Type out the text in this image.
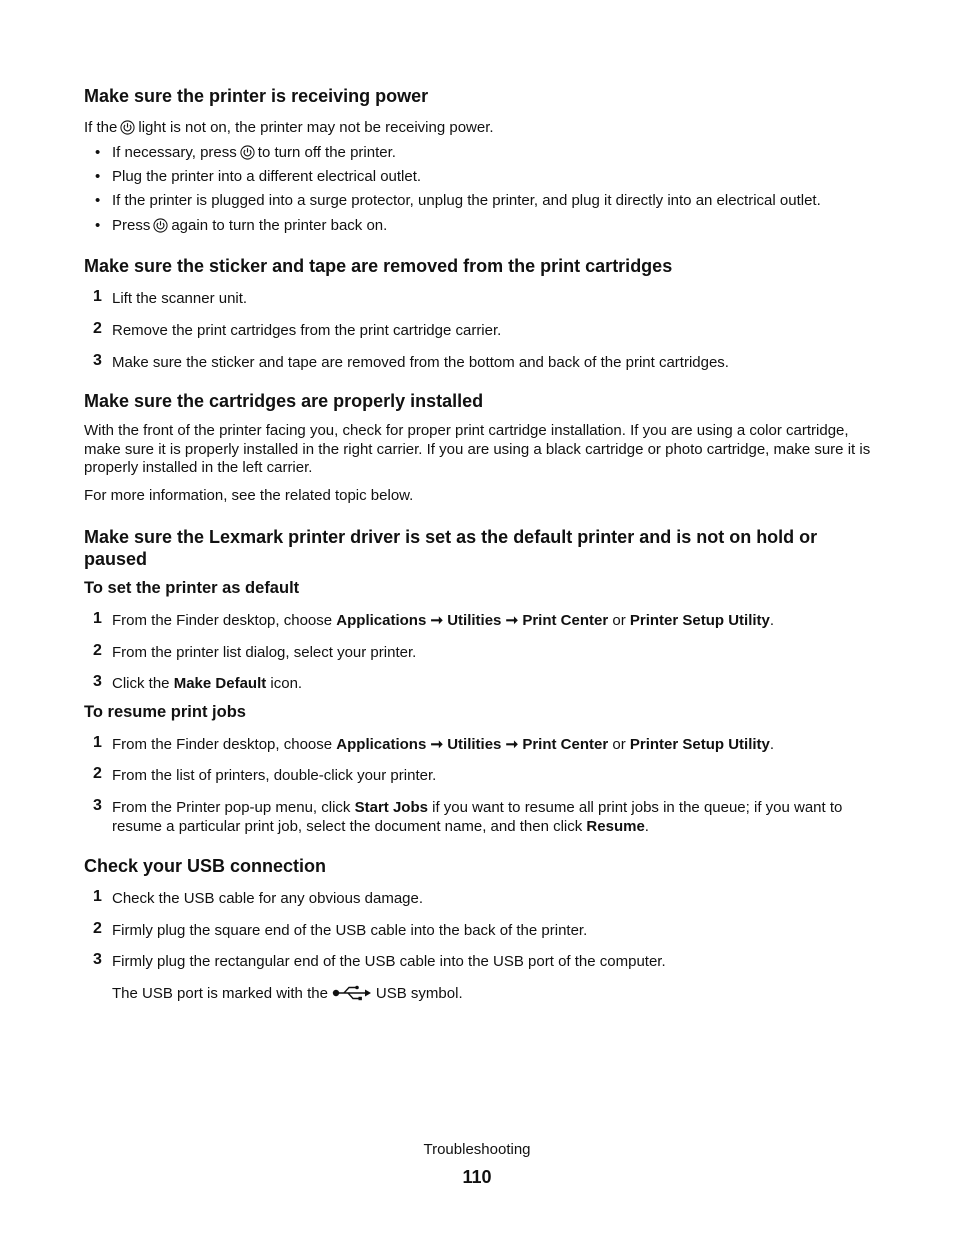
Make sure the printer is receiving power
If the light is not on, the printer may not be receiving power.
• If necessary, press to turn off the printer.
• Plug the printer into a different electrical outlet.
• If the printer is plugged into a surge protector, unplug the printer, and plug it directly into an electrical outlet.
• Press again to turn the printer back on.
Make sure the sticker and tape are removed from the print cartridges
1 Lift the scanner unit.
2 Remove the print cartridges from the print cartridge carrier.
3 Make sure the sticker and tape are removed from the bottom and back of the print cartridges.
Make sure the cartridges are properly installed
With the front of the printer facing you, check for proper print cartridge installation. If you are using a color cartridge, make sure it is properly installed in the right carrier. If you are using a black cartridge or photo cartridge, make sure it is properly installed in the left carrier.
For more information, see the related topic below.
Make sure the Lexmark printer driver is set as the default printer and is not on hold or paused
To set the printer as default
1 From the Finder desktop, choose Applications ➞ Utilities ➞ Print Center or Printer Setup Utility.
2 From the printer list dialog, select your printer.
3 Click the Make Default icon.
To resume print jobs
1 From the Finder desktop, choose Applications ➞ Utilities ➞ Print Center or Printer Setup Utility.
2 From the list of printers, double-click your printer.
3 From the Printer pop-up menu, click Start Jobs if you want to resume all print jobs in the queue; if you want to resume a particular print job, select the document name, and then click Resume.
Check your USB connection
1 Check the USB cable for any obvious damage.
2 Firmly plug the square end of the USB cable into the back of the printer.
3 Firmly plug the rectangular end of the USB cable into the USB port of the computer.
The USB port is marked with the	USB symbol.
Troubleshooting
110
